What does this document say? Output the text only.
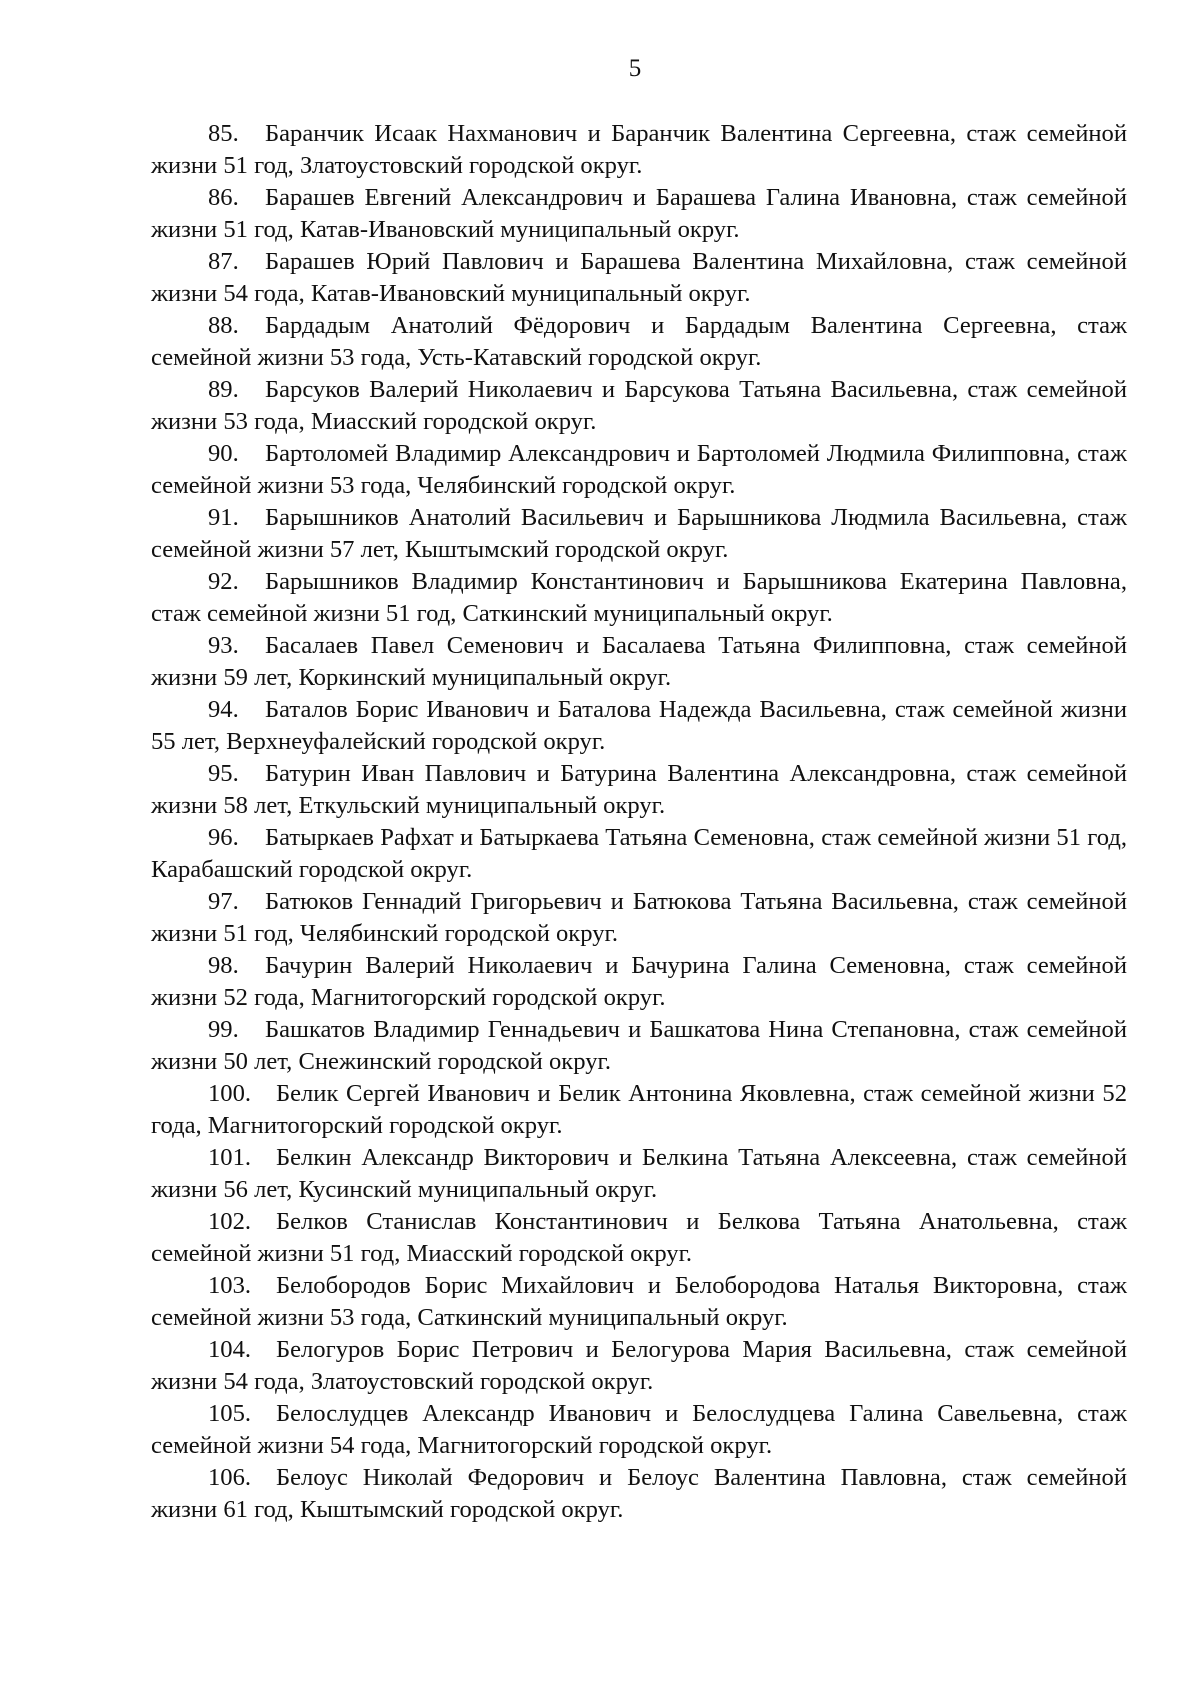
5

85. Баранчик Исаак Нахманович и Баранчик Валентина Сергеевна, стаж семейной жизни 51 год, Златоустовский городской округ.

86. Барашев Евгений Александрович и Барашева Галина Ивановна, стаж семейной жизни 51 год, Катав-Ивановский муниципальный округ.

87. Барашев Юрий Павлович и Барашева Валентина Михайловна, стаж семейной жизни 54 года, Катав-Ивановский муниципальный округ.

88. Бардадым Анатолий Фёдорович и Бардадым Валентина Сергеевна, стаж семейной жизни 53 года, Усть-Катавский городской округ.

89. Барсуков Валерий Николаевич и Барсукова Татьяна Васильевна, стаж семейной жизни 53 года, Миасский городской округ.

90. Бартоломей Владимир Александрович и Бартоломей Людмила Филипповна, стаж семейной жизни 53 года, Челябинский городской округ.

91. Барышников Анатолий Васильевич и Барышникова Людмила Васильевна, стаж семейной жизни 57 лет, Кыштымский городской округ.

92. Барышников Владимир Константинович и Барышникова Екатерина Павловна, стаж семейной жизни 51 год, Саткинский муниципальный округ.

93. Басалаев Павел Семенович и Басалаева Татьяна Филипповна, стаж семейной жизни 59 лет, Коркинский муниципальный округ.

94. Баталов Борис Иванович и Баталова Надежда Васильевна, стаж семейной жизни 55 лет, Верхнеуфалейский городской округ.

95. Батурин Иван Павлович и Батурина Валентина Александровна, стаж семейной жизни 58 лет, Еткульский муниципальный округ.

96. Батыркаев Рафхат и Батыркаева Татьяна Семеновна, стаж семейной жизни 51 год, Карабашский городской округ.

97. Батюков Геннадий Григорьевич и Батюкова Татьяна Васильевна, стаж семейной жизни 51 год, Челябинский городской округ.

98. Бачурин Валерий Николаевич и Бачурина Галина Семеновна, стаж семейной жизни 52 года, Магнитогорский городской округ.

99. Башкатов Владимир Геннадьевич и Башкатова Нина Степановна, стаж семейной жизни 50 лет, Снежинский городской округ.

100. Белик Сергей Иванович и Белик Антонина Яковлевна, стаж семейной жизни 52 года, Магнитогорский городской округ.

101. Белкин Александр Викторович и Белкина Татьяна Алексеевна, стаж семейной жизни 56 лет, Кусинский муниципальный округ.

102. Белков Станислав Константинович и Белкова Татьяна Анатольевна, стаж семейной жизни 51 год, Миасский городской округ.

103. Белобородов Борис Михайлович и Белобородова Наталья Викторовна, стаж семейной жизни 53 года, Саткинский муниципальный округ.

104. Белогуров Борис Петрович и Белогурова Мария Васильевна, стаж семейной жизни 54 года, Златоустовский городской округ.

105. Белослудцев Александр Иванович и Белослудцева Галина Савельевна, стаж семейной жизни 54 года, Магнитогорский городской округ.

106. Белоус Николай Федорович и Белоус Валентина Павловна, стаж семейной жизни 61 год, Кыштымский городской округ.
